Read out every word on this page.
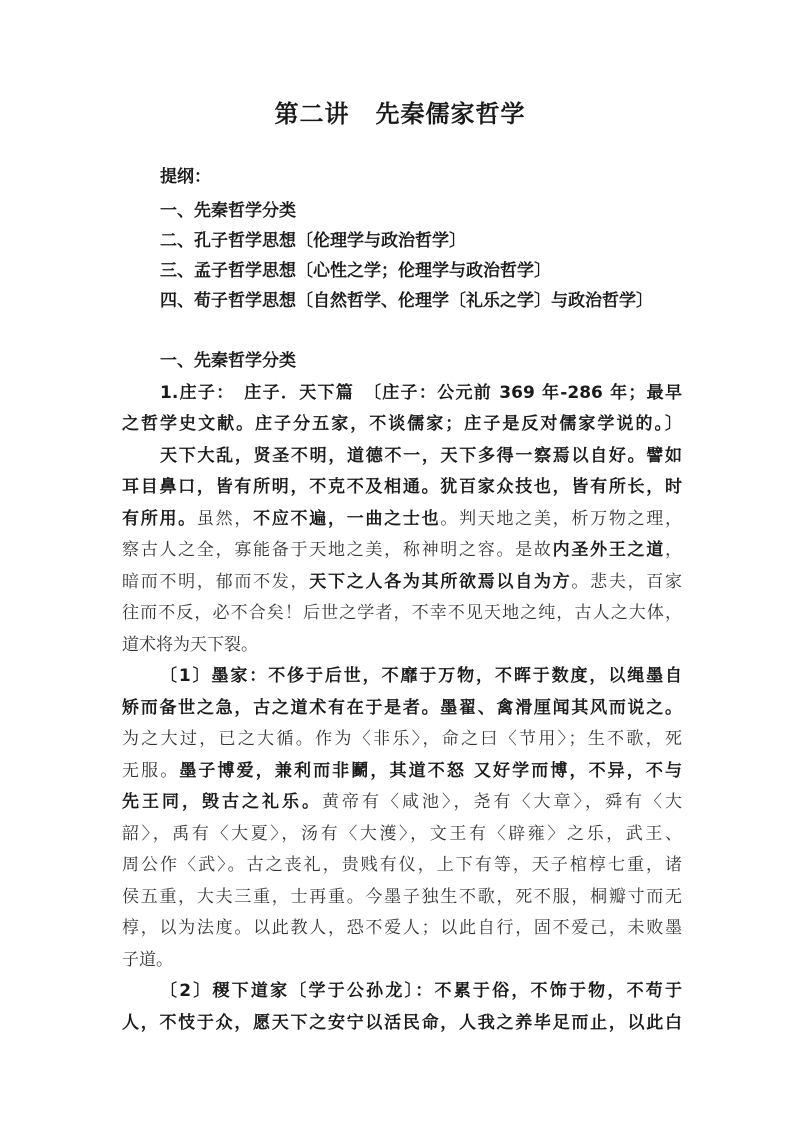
第二讲 先秦儒家哲学
提纲：
一、先秦哲学分类
二、孔子哲学思想〔伦理学与政治哲学〕
三、孟子哲学思想〔心性之学；伦理学与政治哲学〕
四、荀子哲学思想〔自然哲学、伦理学〔礼乐之学〕与政治哲学〕
一、先秦哲学分类
1.庄子：　庄子．天下篇　〔庄子：公元前 369 年-286 年；最早
之哲学史文献。庄子分五家，不谈儒家；庄子是反对儒家学说的。〕
天下大乱，贤圣不明，道德不一，天下多得一察焉以自好。譬如
耳目鼻口，皆有所明，不克不及相通。犹百家众技也，皆有所长，时
有所用。虽然，不应不遍，一曲之士也。判天地之美，析万物之理，
察古人之全，寡能备于天地之美，称神明之容。是故内圣外王之道，
暗而不明，郁而不发，天下之人各为其所欲焉以自为方。悲夫，百家
往而不反，必不合矣！后世之学者，不幸不见天地之纯，古人之大体，
道术将为天下裂。
〔1〕墨家：不侈于后世，不靡于万物，不晖于数度，以绳墨自
矫而备世之急，古之道术有在于是者。墨翟、禽滑厘闻其风而说之。
为之大过，已之大循。作为〈非乐〉，命之曰〈节用〉；生不歌，死
无服。墨子博爱，兼利而非鬬，其道不怒 又好学而博，不异，不与
先王同，毁古之礼乐。黄帝有〈咸池〉，尧有〈大章〉，舜有〈大
韶〉，禹有〈大夏〉，汤有〈大濩〉，文王有〈辟雍〉之乐，武王、
周公作〈武〉。古之丧礼，贵贱有仪，上下有等，天子棺椁七重，诸
侯五重，大夫三重，士再重。今墨子独生不歌，死不服，桐瓣寸而无
椁，以为法度。以此教人，恐不爱人；以此自行，固不爱己，未败墨
子道。
〔2〕稷下道家〔学于公孙龙〕：不累于俗，不饰于物，不苟于
人，不忮于众，愿天下之安宁以活民命，人我之养毕足而止，以此白
